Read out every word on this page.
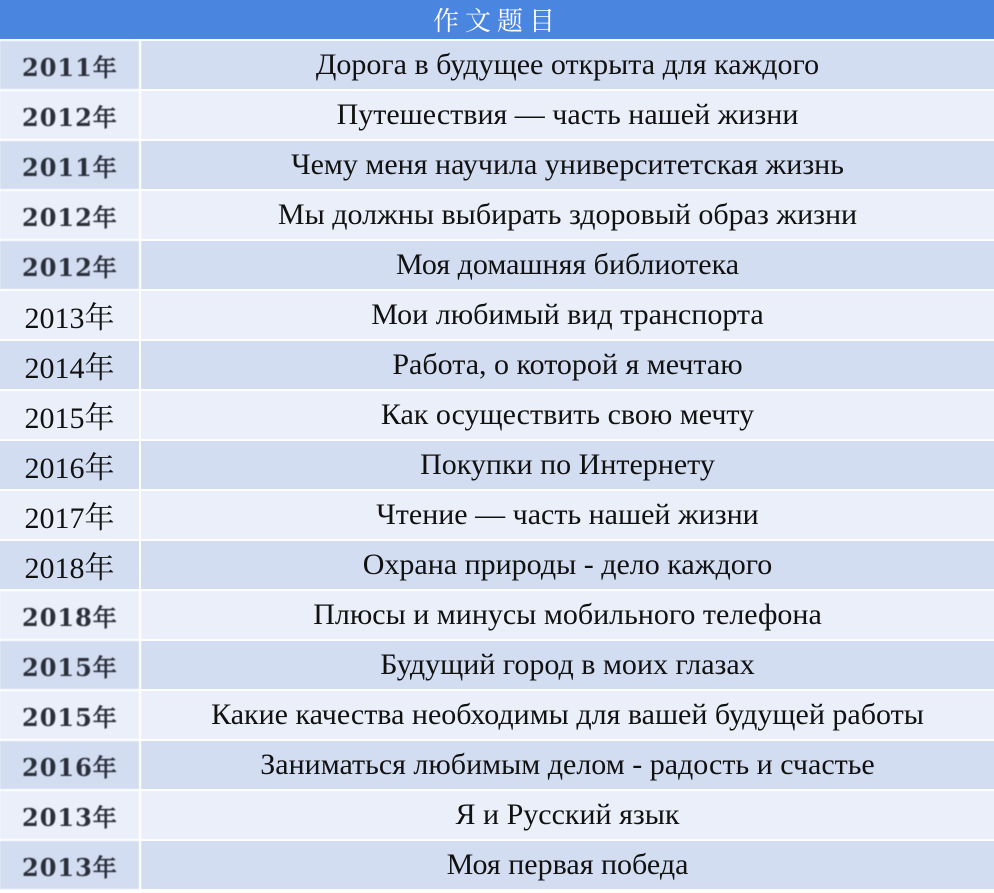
作文题目
2011年	Дорога в будущее открыта для каждого
2012年	Путешествия — часть нашей жизни
2011年	Чему меня научила университетская жизнь
2012年	Мы должны выбирать здоровый образ жизни
2012年	Моя домашняя библиотека
2013年	Мои любимый вид транспорта
2014年	Работа, о которой я мечтаю
2015年	Как осуществить свою мечту
2016年	Покупки по Интернету
2017年	Чтение — часть нашей жизни
2018年	Охрана природы - дело каждого
2018年	Плюсы и минусы мобильного телефона
2015年	Будущий город в моих глазах
2015年	Какие качества необходимы для вашей будущей работы
2016年	Заниматься любимым делом - радость и счастье
2013年	Я и Русский язык
2013年	Моя первая победа
